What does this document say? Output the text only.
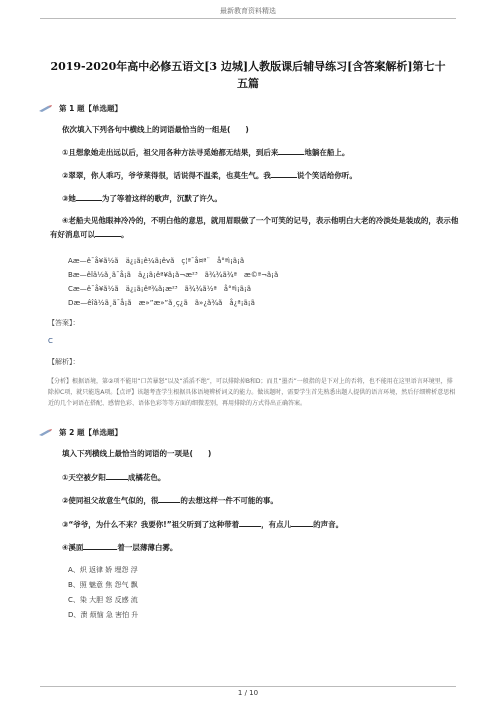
最新教育资料精选
2019-2020年高中必修五语文[3 边城]人教版课后辅导练习[含答案解析]第七十五篇
第 1 题【单选题】
依次填入下列各句中横线上的词语最恰当的一组是(　　)
①且想象她走出远以后，祖父用各种方法寻觅她都无结果，到后来	地躺在船上。
②翠翠，你人乖巧，爷爷莱得很，话说得不温柔，也莫生气。我	说个笑话给你听。
③她	为了等着这样的歌声，沉默了许久。
④老船夫见他眼神冷冷的，不明白他的意思，就用眉眼做了一个可笑的记号，表示他明白大老的冷淡处是装成的，表示他有好消息可以	。
Aæ—ê¯å¥ã½ã　ä¿¡ã¡ê¼ã¡êvã　ç¦ª¯å¤ª¨　å°ªì¡ã¡ã
Bæ—êîâ½ã¸ã¯å¡ã　ä¿¡ã¡êª¥ã¡ã¬æ²³　ã¾¾ã¾ª　æ©ª¬ã¡ã
Cæ—ê¯å¥ã½ã　ä¿¡ã¡êª¾ã¡æ²³　ã¾¾ã½ª　å°ªì¡ã¡ã
Dæ—êîâ½ã¸ã¯å¡ã　æ»”æ»”ã¸ç¿ã　ã»¿ã¾ã　å¿ª¡ã¡ã
【答案】：
C
【解析】：
【分析】根据语境，第②项不能用“口苦暴怒”以及“滔滔不绝”，可以排除掉B和D；而且“墨否”一般指的是下对上的否将，也不能用在这里语言环境里，排除掉C项，就只能选A项。【点评】该题考查学生根据具体语境辨析词义的能力。做该题时，需要学生首先熟悉出题人提供的语言环境，然后仔细辨析意思相近的几个词语在搭配、感情色彩、语体色彩等等方面的细微差别，再用排除的方式得出正确答案。
第 2 题【单选题】
填入下列横线上最恰当的词语的一项是(　　)
①天空被夕阳	成橘花色。
②使同祖父故意生气似的，很	的去想这样一件不可能的事。
③“爷爷，为什么不来？我要你!”祖父听到了这种带着	，有点儿	的声音。
④溪面	着一层薄薄白雾。
A、炽 返律 娇 埋怨 浮
B、照 魅意 焦 怨气 飘
C、染 大胆 怒 反感 流
D、溃 烦恼 急 害怕 升
1 / 10
